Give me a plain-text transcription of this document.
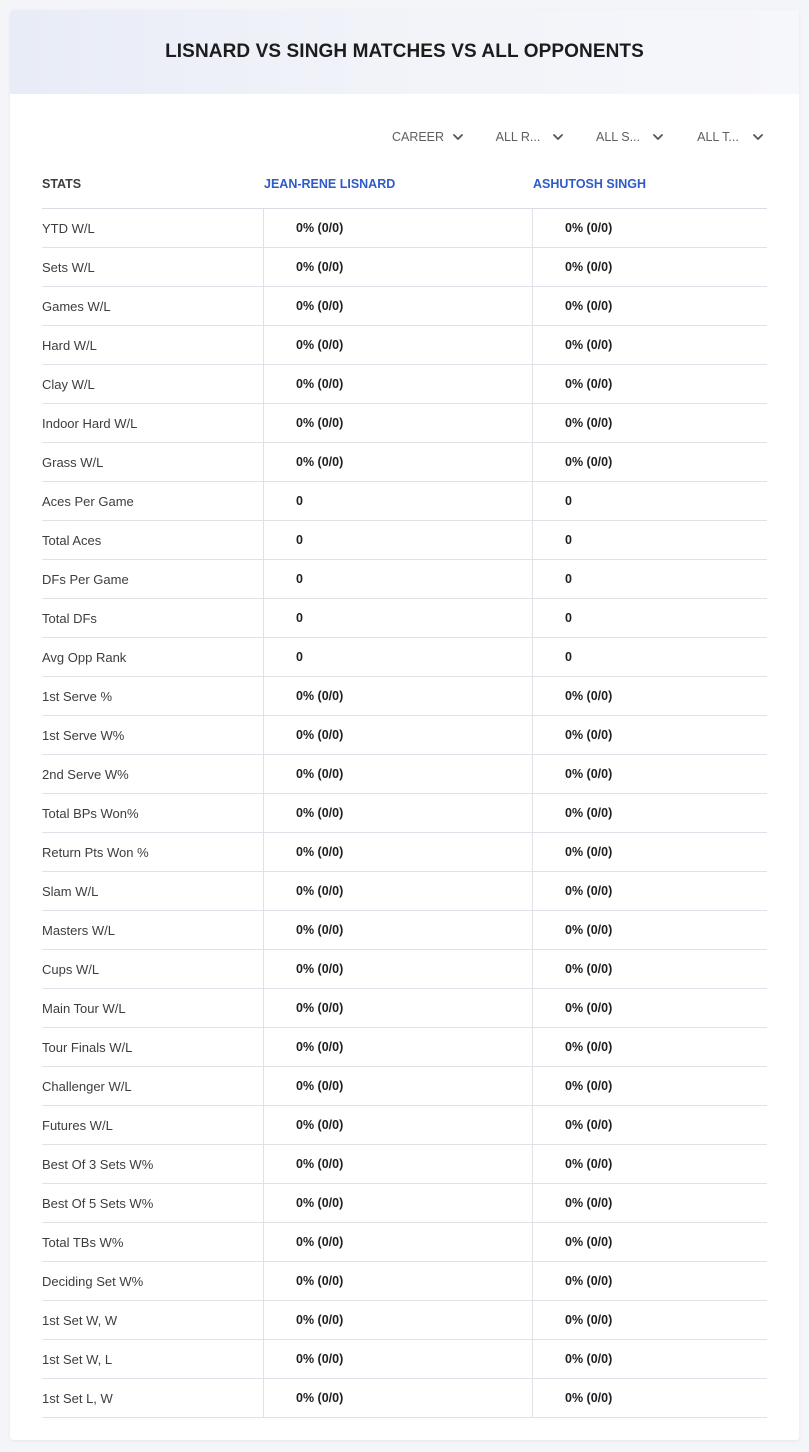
LISNARD VS SINGH MATCHES VS ALL OPPONENTS
CAREER	ALL R...	ALL S...	ALL T...
STATS	JEAN-RENE LISNARD	ASHUTOSH SINGH
YTD W/L	0% (0/0)	0% (0/0)
Sets W/L	0% (0/0)	0% (0/0)
Games W/L	0% (0/0)	0% (0/0)
Hard W/L	0% (0/0)	0% (0/0)
Clay W/L	0% (0/0)	0% (0/0)
Indoor Hard W/L	0% (0/0)	0% (0/0)
Grass W/L	0% (0/0)	0% (0/0)
Aces Per Game	0	0
Total Aces	0	0
DFs Per Game	0	0
Total DFs	0	0
Avg Opp Rank	0	0
1st Serve %	0% (0/0)	0% (0/0)
1st Serve W%	0% (0/0)	0% (0/0)
2nd Serve W%	0% (0/0)	0% (0/0)
Total BPs Won%	0% (0/0)	0% (0/0)
Return Pts Won %	0% (0/0)	0% (0/0)
Slam W/L	0% (0/0)	0% (0/0)
Masters W/L	0% (0/0)	0% (0/0)
Cups W/L	0% (0/0)	0% (0/0)
Main Tour W/L	0% (0/0)	0% (0/0)
Tour Finals W/L	0% (0/0)	0% (0/0)
Challenger W/L	0% (0/0)	0% (0/0)
Futures W/L	0% (0/0)	0% (0/0)
Best Of 3 Sets W%	0% (0/0)	0% (0/0)
Best Of 5 Sets W%	0% (0/0)	0% (0/0)
Total TBs W%	0% (0/0)	0% (0/0)
Deciding Set W%	0% (0/0)	0% (0/0)
1st Set W, W	0% (0/0)	0% (0/0)
1st Set W, L	0% (0/0)	0% (0/0)
1st Set L, W	0% (0/0)	0% (0/0)
